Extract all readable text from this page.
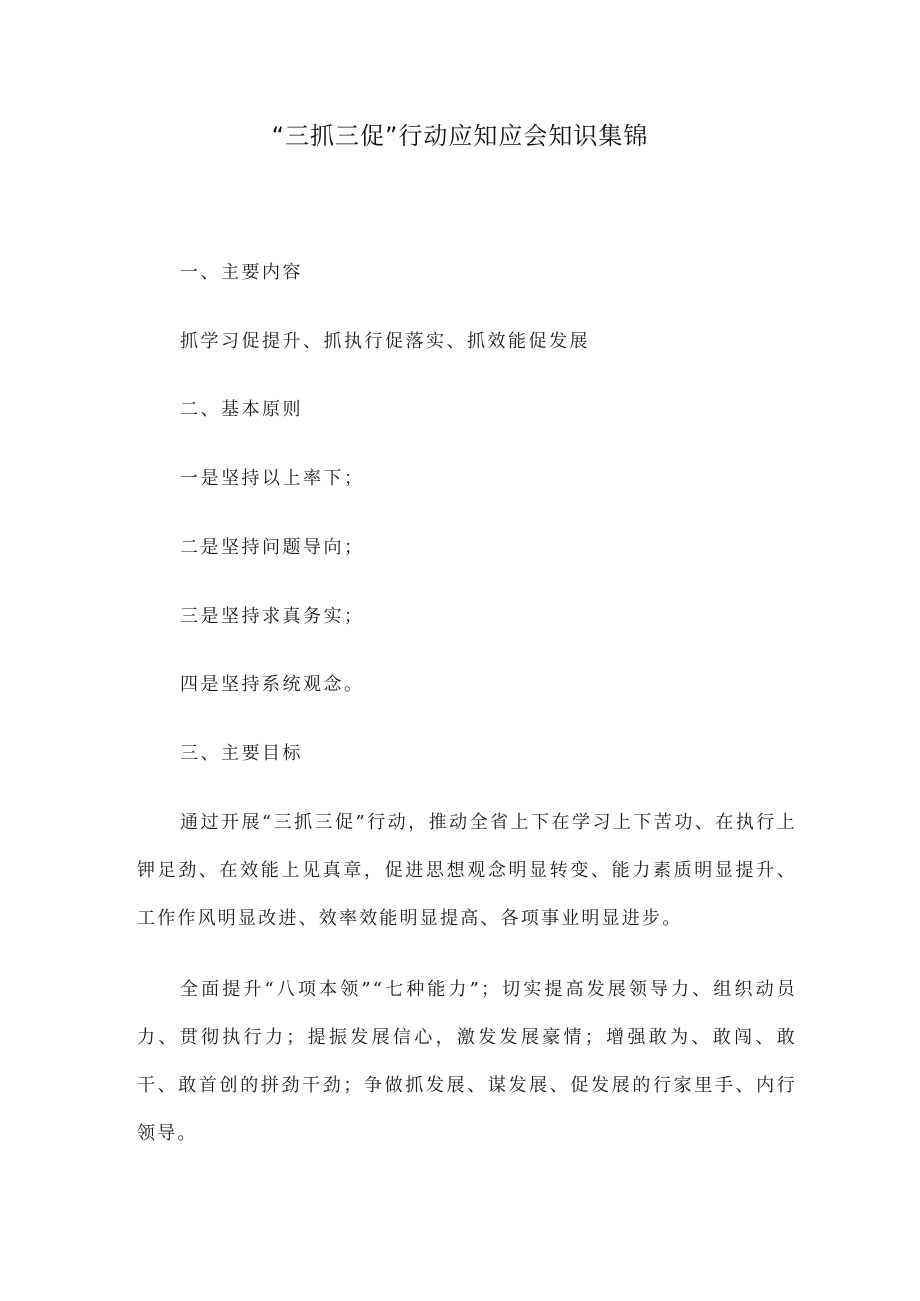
“三抓三促”行动应知应会知识集锦
一、主要内容
抓学习促提升、抓执行促落实、抓效能促发展
二、基本原则
一是坚持以上率下；
二是坚持问题导向；
三是坚持求真务实；
四是坚持系统观念。
三、主要目标
通过开展“三抓三促”行动，推动全省上下在学习上下苦功、在执行上钾足劲、在效能上见真章，促进思想观念明显转变、能力素质明显提升、工作作风明显改进、效率效能明显提高、各项事业明显进步。
全面提升“八项本领”“七种能力”；切实提高发展领导力、组织动员力、贯彻执行力；提振发展信心，激发发展豪情；增强敢为、敢闯、敢干、敢首创的拼劲干劲；争做抓发展、谋发展、促发展的行家里手、内行领导。
